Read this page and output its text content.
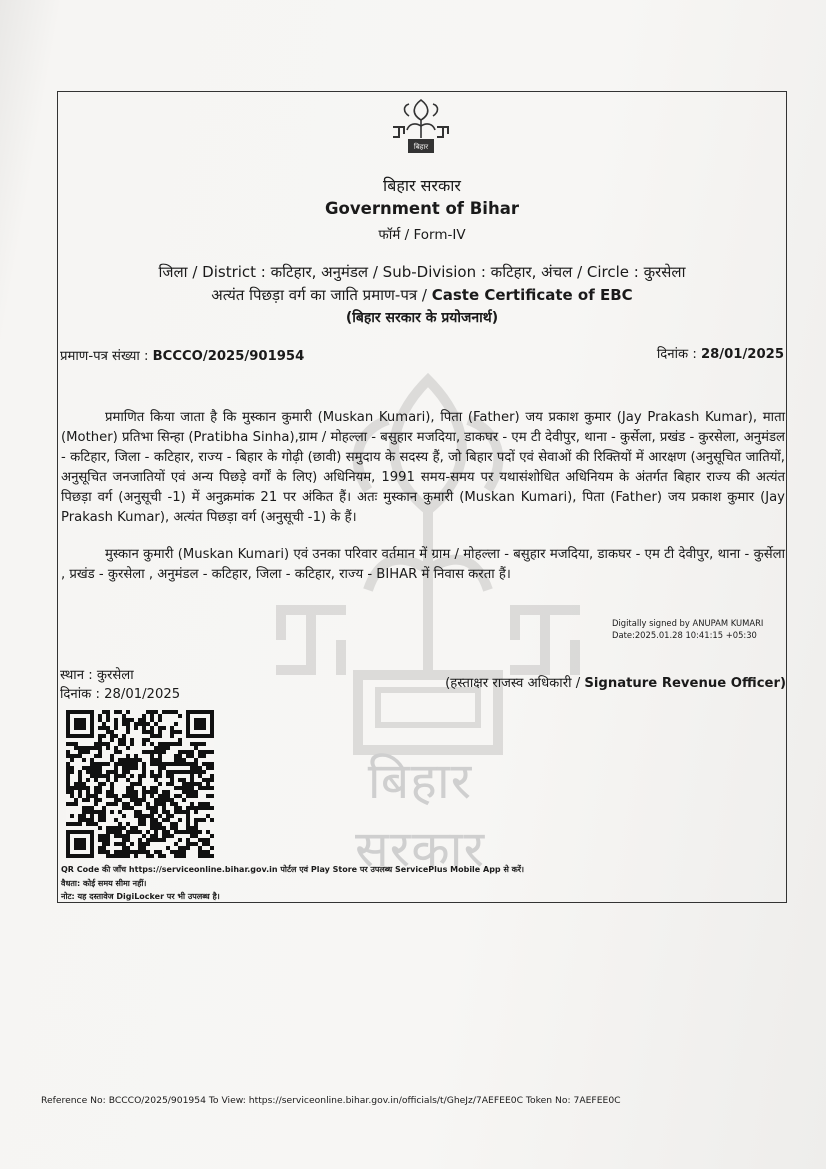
बिहार सरकार
बिहार
बिहार सरकार
Government of Bihar
फॉर्म / Form-IV
जिला / District : कटिहार, अनुमंडल / Sub-Division : कटिहार, अंचल / Circle : कुरसेला
अत्यंत पिछड़ा वर्ग का जाति प्रमाण-पत्र / Caste Certificate of EBC
(बिहार सरकार के प्रयोजनार्थ)
प्रमाण-पत्र संख्या : BCCCO/2025/901954	दिनांक : 28/01/2025
प्रमाणित किया जाता है कि मुस्कान कुमारी (Muskan Kumari), पिता (Father) जय प्रकाश कुमार (Jay Prakash Kumar), माता (Mother) प्रतिभा सिन्हा (Pratibha Sinha),ग्राम / मोहल्ला - बसुहार मजदिया, डाकघर - एम टी देवीपुर, थाना - कुर्सेला, प्रखंड - कुरसेला, अनुमंडल - कटिहार, जिला - कटिहार, राज्य - बिहार के गोढ़ी (छावी) समुदाय के सदस्य हैं, जो बिहार पदों एवं सेवाओं की रिक्तियों में आरक्षण (अनुसूचित जातियों, अनुसूचित जनजातियों एवं अन्य पिछड़े वर्गों के लिए) अधिनियम, 1991 समय-समय पर यथासंशोधित अधिनियम के अंतर्गत बिहार राज्य की अत्यंत पिछड़ा वर्ग (अनुसूची -1) में अनुक्रमांक 21 पर अंकित हैं। अतः मुस्कान कुमारी (Muskan Kumari), पिता (Father) जय प्रकाश कुमार (Jay Prakash Kumar), अत्यंत पिछड़ा वर्ग (अनुसूची -1) के हैं।
मुस्कान कुमारी (Muskan Kumari) एवं उनका परिवार वर्तमान में ग्राम / मोहल्ला - बसुहार मजदिया, डाकघर - एम टी देवीपुर, थाना - कुर्सेला , प्रखंड - कुरसेला , अनुमंडल - कटिहार, जिला - कटिहार, राज्य - BIHAR में निवास करता हैं।
Digitally signed by ANUPAM KUMARI
Date:2025.01.28 10:41:15 +05:30
स्थान : कुरसेला
दिनांक : 28/01/2025
(हस्ताक्षर राजस्व अधिकारी / Signature Revenue Officer)
QR Code की जाँच https://serviceonline.bihar.gov.in पोर्टल एवं Play Store पर उपलब्ध ServicePlus Mobile App से करें।
वैधता: कोई समय सीमा नहीं।
नोट: यह दस्तावेज DigiLocker पर भी उपलब्ध है।
Reference No: BCCCO/2025/901954 To View: https://serviceonline.bihar.gov.in/officials/t/GheJz/7AEFEE0C Token No: 7AEFEE0C
